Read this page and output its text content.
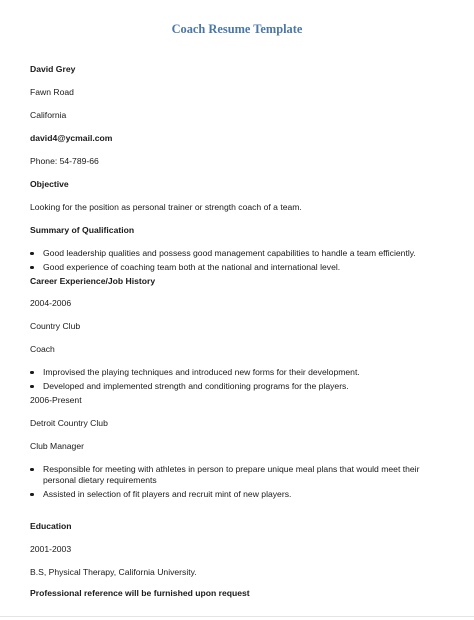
Coach Resume Template
David Grey
Fawn Road
California
david4@ycmail.com
Phone: 54-789-66
Objective
Looking for the position as personal trainer or strength coach of a team.
Summary of Qualification
Good leadership qualities and possess good management capabilities to handle a team efficiently.
Good experience of coaching team both at the national and international level.
Career Experience/Job History
2004-2006
Country Club
Coach
Improvised the playing techniques and introduced new forms for their development.
Developed and implemented strength and conditioning programs for the players.
2006-Present
Detroit Country Club
Club Manager
Responsible for meeting with athletes in person to prepare unique meal plans that would meet their personal dietary requirements
Assisted in selection of fit players and recruit mint of new players.
Education
2001-2003
B.S, Physical Therapy, California University.
Professional reference will be furnished upon request
